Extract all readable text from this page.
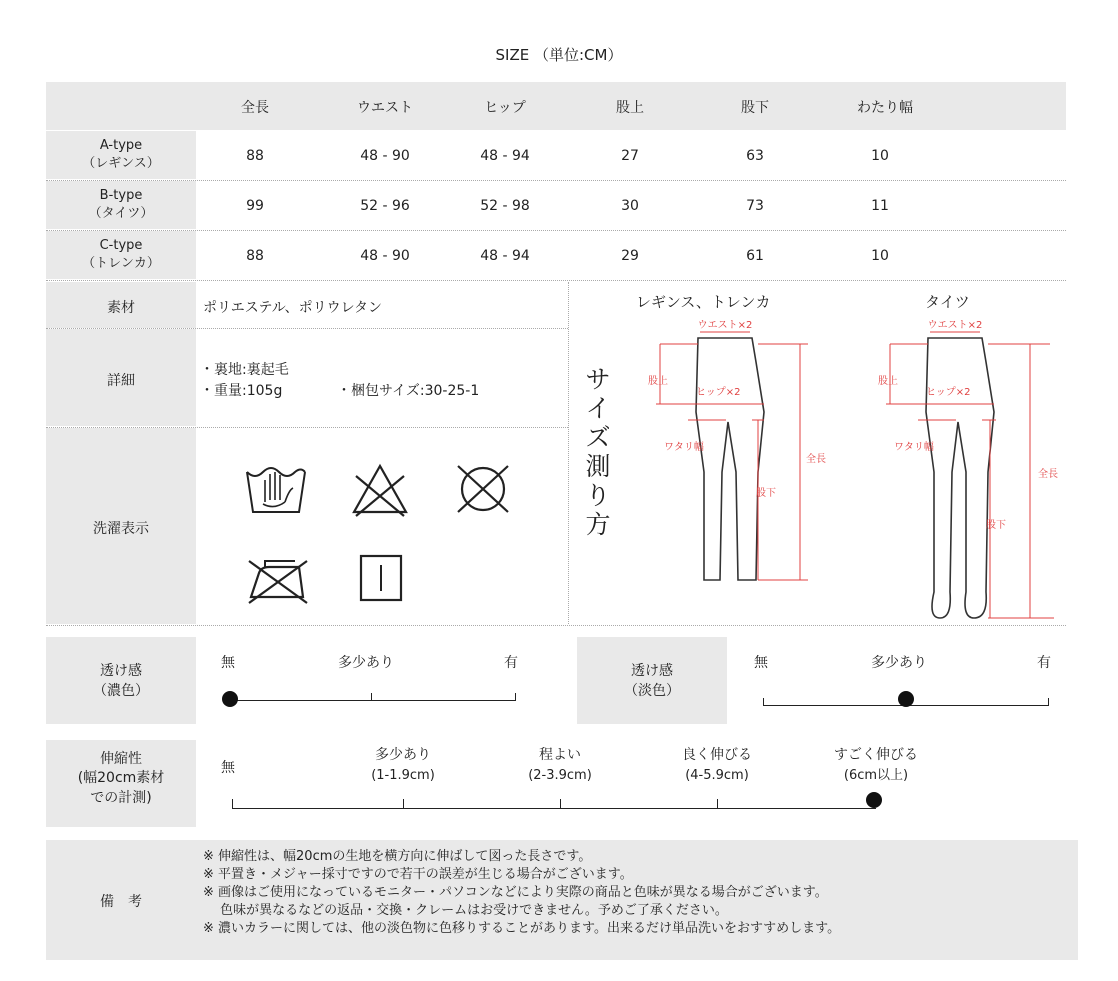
SIZE （単位:CM）
全長	ウエスト	ヒップ	股上	股下	わたり幅
A-type
（レギンス）	88	48 - 90	48 - 94	27	63	10
B-type
（タイツ）	99	52 - 96	52 - 98	30	73	11
C-type
（トレンカ）	88	48 - 90	48 - 94	29	61	10
素材	ポリエステル、ポリウレタン
詳細
・裏地:裏起毛
・重量:105g	・梱包サイズ:30-25-1
洗濯表示
サ
イ
ズ
測
り
方
レギンス、トレンカ	タイツ
ウエスト×2
股上
ヒップ×2
ワタリ幅
全長
股下
ウエスト×2
股上
ヒップ×2
ワタリ幅
全長
股下
透け感
（濃色）
無	多少あり	有	透け感
（淡色）
無	多少あり	有
伸縮性
(幅20cm素材
での計測)
無
多少あり
(1-1.9cm)
程よい
(2-3.9cm)
良く伸びる
(4-5.9cm)
すごく伸びる
(6cm以上)
備　考
※ 伸縮性は、幅20cmの生地を横方向に伸ばして図った長さです。
※ 平置き・メジャー採寸ですので若干の誤差が生じる場合がございます。
※ 画像はご使用になっているモニター・パソコンなどにより実際の商品と色味が異なる場合がございます。
　 色味が異なるなどの返品・交換・クレームはお受けできません。予めご了承ください。
※ 濃いカラーに関しては、他の淡色物に色移りすることがあります。出来るだけ単品洗いをおすすめします。
